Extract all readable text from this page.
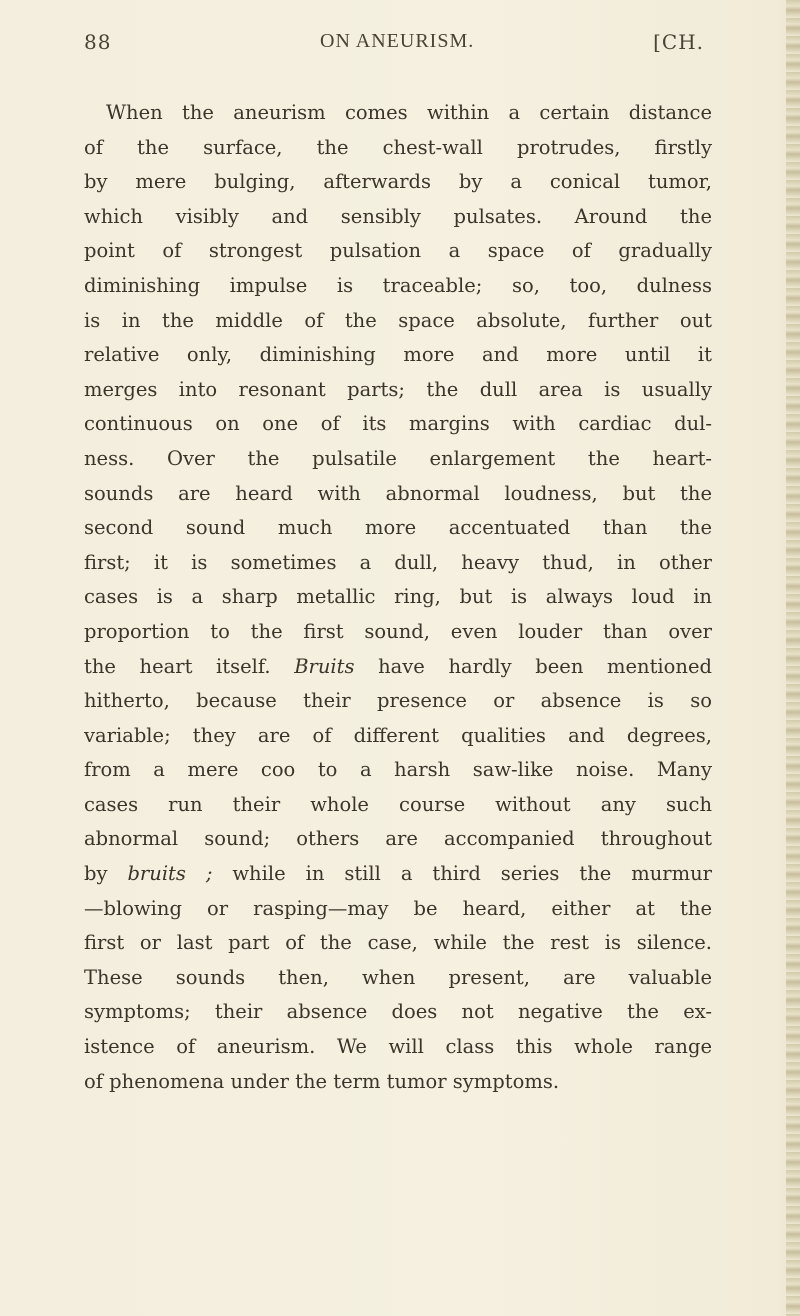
88	ON ANEURISM.	[CH.
When the aneurism comes within a certain distance
of the surface, the chest-wall protrudes, firstly
by mere bulging, afterwards by a conical tumor,
which visibly and sensibly pulsates. Around the
point of strongest pulsation a space of gradually
diminishing impulse is traceable; so, too, dulness
is in the middle of the space absolute, further out
relative only, diminishing more and more until it
merges into resonant parts; the dull area is usually
continuous on one of its margins with cardiac dul-
ness. Over the pulsatile enlargement the heart-
sounds are heard with abnormal loudness, but the
second sound much more accentuated than the
first; it is sometimes a dull, heavy thud, in other
cases is a sharp metallic ring, but is always loud in
proportion to the first sound, even louder than over
the heart itself. Bruits have hardly been mentioned
hitherto, because their presence or absence is so
variable; they are of different qualities and degrees,
from a mere coo to a harsh saw-like noise. Many
cases run their whole course without any such
abnormal sound; others are accompanied throughout
by bruits ; while in still a third series the murmur
—blowing or rasping—may be heard, either at the
first or last part of the case, while the rest is silence.
These sounds then, when present, are valuable
symptoms; their absence does not negative the ex-
istence of aneurism. We will class this whole range
of phenomena under the term tumor symptoms.
